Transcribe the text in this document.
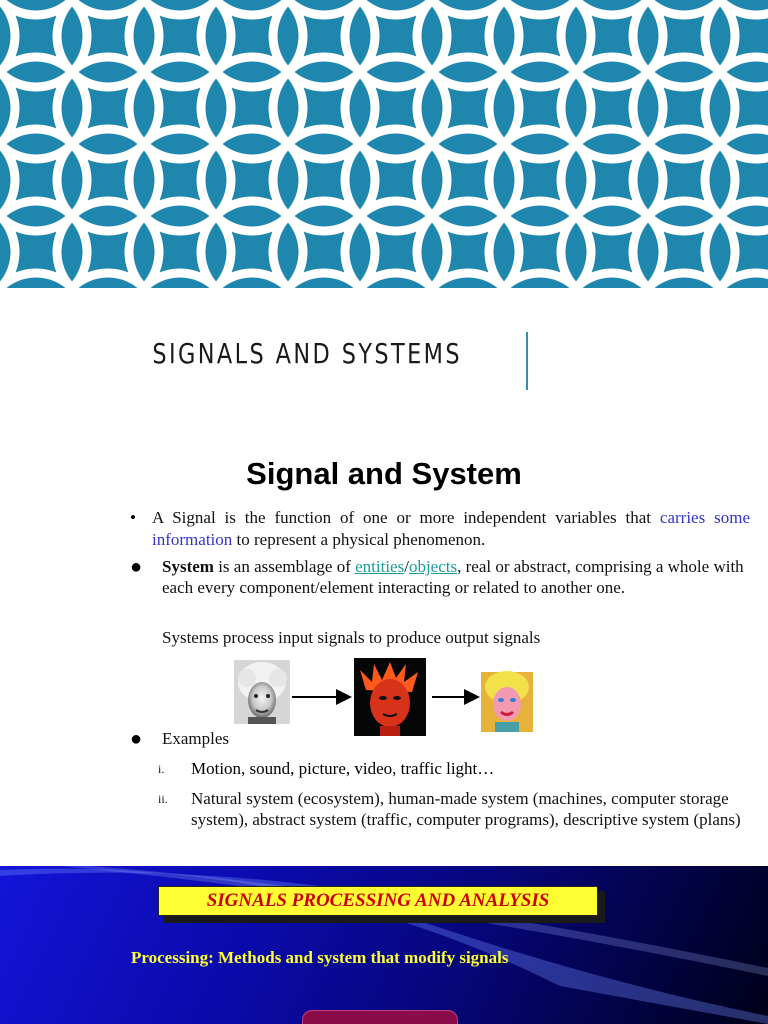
SIGNALS AND SYSTEMS
Signal and System
• A Signal is the function of one or more independent variables that carries some information to represent a physical phenomenon.
● System is an assemblage of entities/objects, real or abstract, comprising a whole with each every component/element interacting or related to another one.
Systems process input signals to produce output signals
● Examples
i. Motion, sound, picture, video, traffic light…
ii. Natural system (ecosystem), human-made system (machines, computer storage system), abstract system (traffic, computer programs), descriptive system (plans)
SIGNALS PROCESSING AND ANALYSIS
Processing: Methods and system that modify signals
